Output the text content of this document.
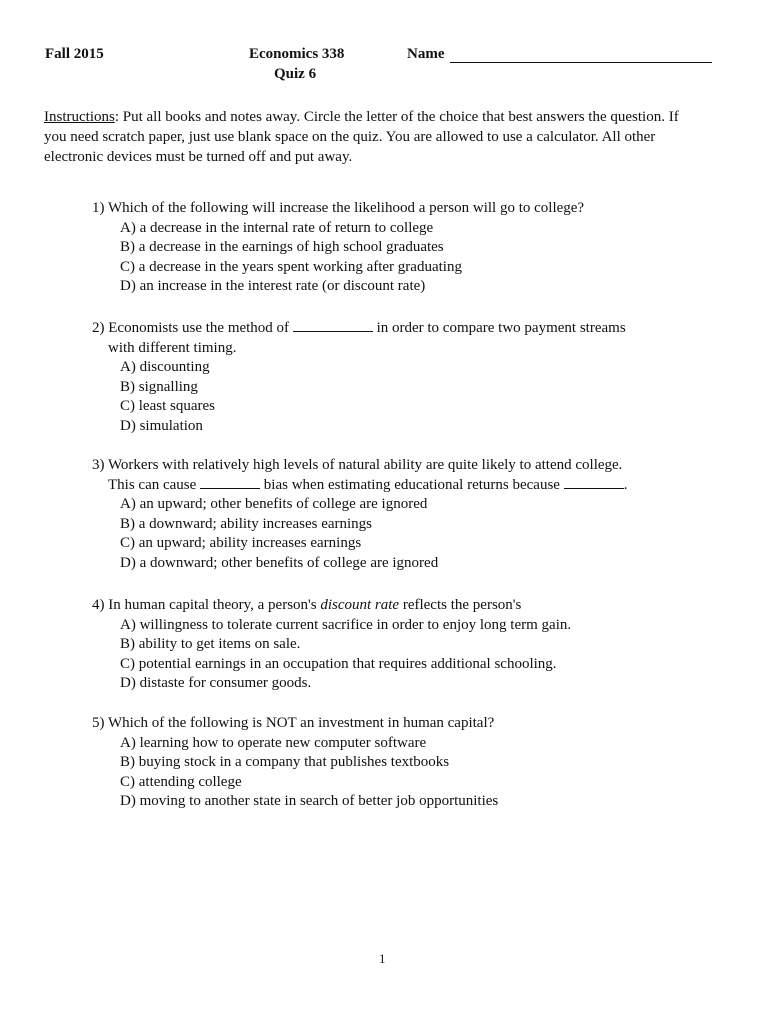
Fall 2015	Economics 338
Quiz 6
Name
Instructions: Put all books and notes away. Circle the letter of the choice that best answers the question. If you need scratch paper, just use blank space on the quiz. You are allowed to use a calculator. All other electronic devices must be turned off and put away.
1) Which of the following will increase the likelihood a person will go to college?
A) a decrease in the internal rate of return to college
B) a decrease in the earnings of high school graduates
C) a decrease in the years spent working after graduating
D) an increase in the interest rate (or discount rate)
2) Economists use the method of	in order to compare two payment streams
with different timing.
A) discounting
B) signalling
C) least squares
D) simulation
3) Workers with relatively high levels of natural ability are quite likely to attend college.
This can cause	bias when estimating educational returns because	.
A) an upward; other benefits of college are ignored
B) a downward; ability increases earnings
C) an upward; ability increases earnings
D) a downward; other benefits of college are ignored
4) In human capital theory, a person's discount rate reflects the person's
A) willingness to tolerate current sacrifice in order to enjoy long term gain.
B) ability to get items on sale.
C) potential earnings in an occupation that requires additional schooling.
D) distaste for consumer goods.
5) Which of the following is NOT an investment in human capital?
A) learning how to operate new computer software
B) buying stock in a company that publishes textbooks
C) attending college
D) moving to another state in search of better job opportunities
1
